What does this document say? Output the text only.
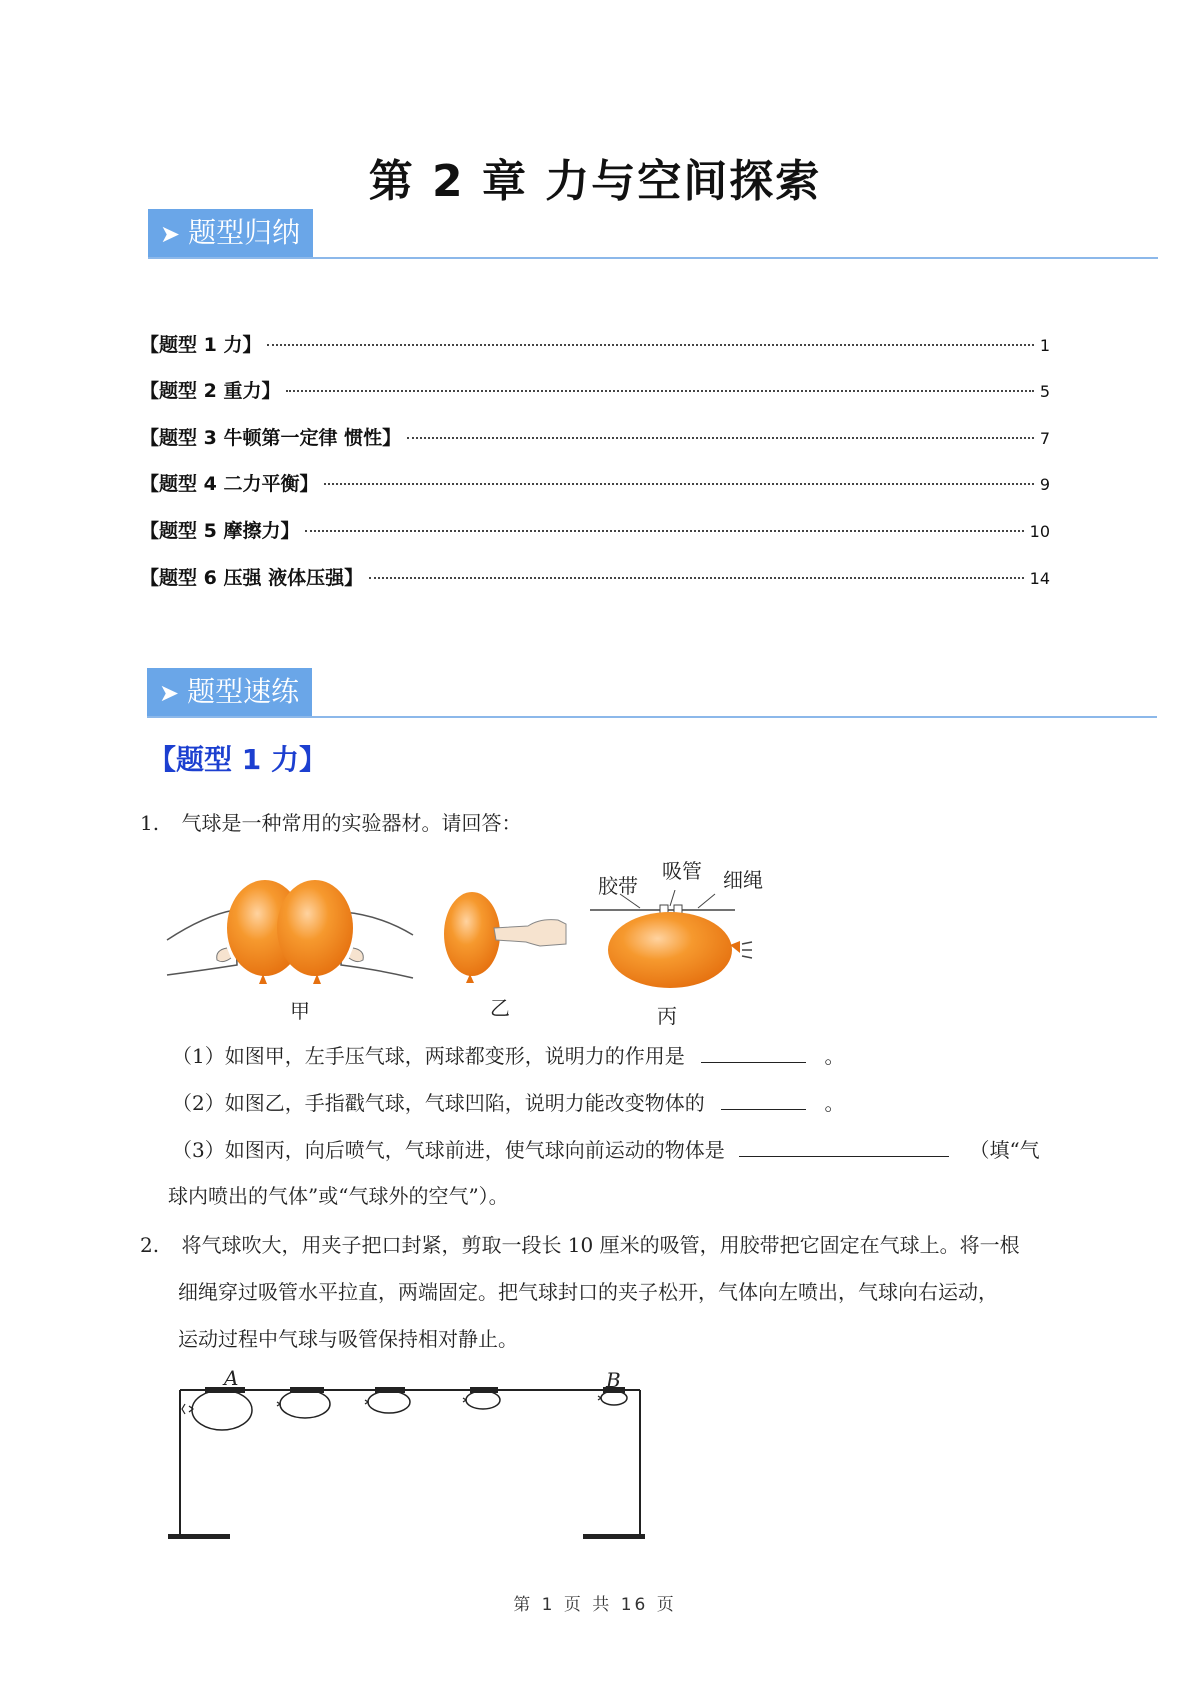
第 2 章 力与空间探索
➤ 题型归纳
【题型 1 力】	1
【题型 2 重力】	5
【题型 3 牛顿第一定律 惯性】	7
【题型 4 二力平衡】	9
【题型 5 摩擦力】	10
【题型 6 压强 液体压强】	14
➤ 题型速练
【题型 1 力】
1. 气球是一种常用的实验器材。请回答：
甲	乙
胶带
吸管 细绳
丙
（1）如图甲，左手压气球，两球都变形，说明力的作用是	。
（2）如图乙，手指戳气球，气球凹陷，说明力能改变物体的	。
（3）如图丙，向后喷气，气球前进，使气球向前运动的物体是	（填“气
球内喷出的气体”或“气球外的空气”）。
2. 将气球吹大，用夹子把口封紧，剪取一段长 10 厘米的吸管，用胶带把它固定在气球上。将一根
细绳穿过吸管水平拉直，两端固定。把气球封口的夹子松开，气体向左喷出，气球向右运动，
运动过程中气球与吸管保持相对静止。
A	B
第 1 页 共 16 页
